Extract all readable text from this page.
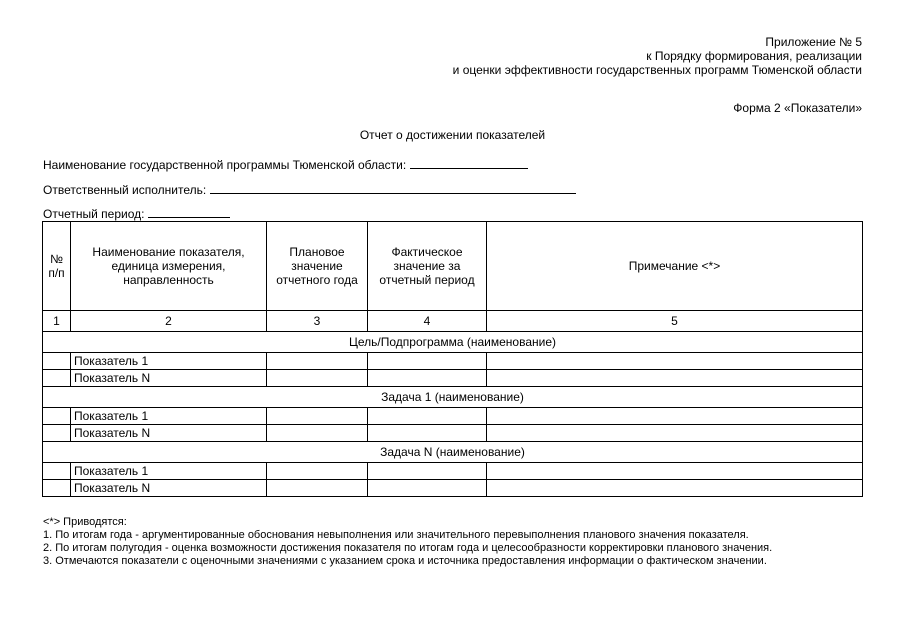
Приложение № 5
к Порядку формирования, реализации
и оценки эффективности государственных программ Тюменской области
Форма 2 «Показатели»
Отчет о достижении показателей
Наименование государственной программы Тюменской области:
Ответственный исполнитель:
Отчетный период:
№ п/п	Наименование показателя, единица измерения, направленность	Плановое значение отчетного года	Фактическое значение за отчетный период	Примечание <*>
1	2	3	4	5
Цель/Подпрограмма (наименование)				
	Показатель 1			
	Показатель N			
Задача 1 (наименование)				
	Показатель 1			
	Показатель N			
Задача N (наименование)				
	Показатель 1			
	Показатель N			
<*> Приводятся:
1. По итогам года - аргументированные обоснования невыполнения или значительного перевыполнения планового значения показателя.
2. По итогам полугодия - оценка возможности достижения показателя по итогам года и целесообразности корректировки планового значения.
3. Отмечаются показатели с оценочными значениями с указанием срока и источника предоставления информации о фактическом значении.
